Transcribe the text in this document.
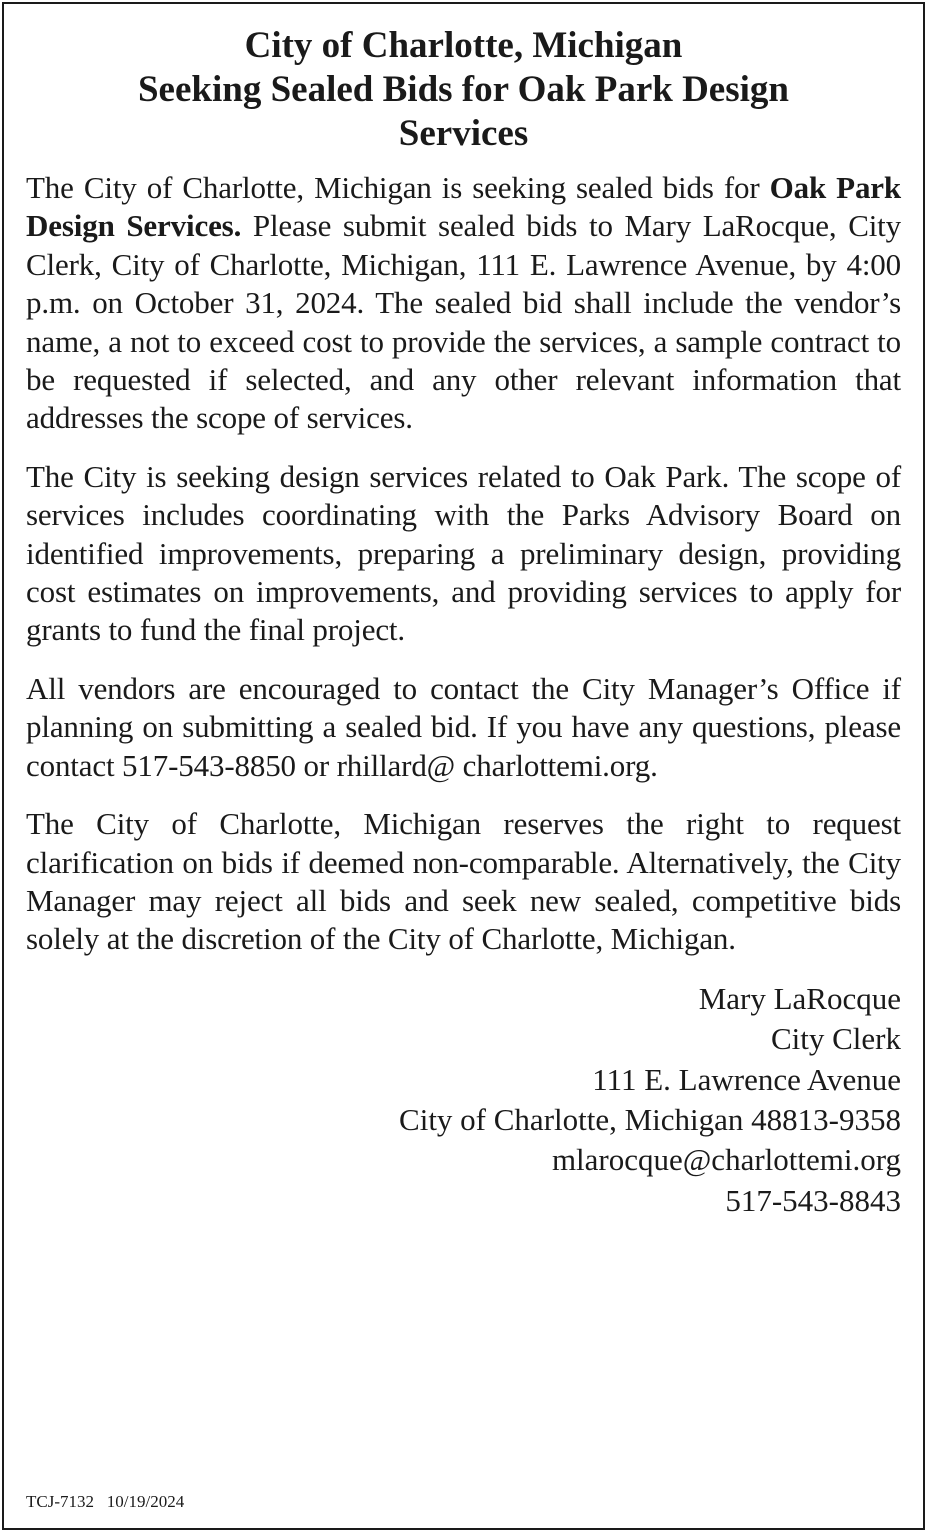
City of Charlotte, Michigan
Seeking Sealed Bids for Oak Park Design
Services

The City of Charlotte, Michigan is seeking sealed bids for Oak Park Design Services. Please submit sealed bids to Mary LaRocque, City Clerk, City of Charlotte, Michigan, 111 E. Lawrence Avenue, by 4:00 p.m. on October 31, 2024. The sealed bid shall include the vendor’s name, a not to exceed cost to provide the services, a sample contract to be requested if selected, and any other relevant information that addresses the scope of services.

The City is seeking design services related to Oak Park. The scope of services includes coordinating with the Parks Advisory Board on identified improvements, preparing a preliminary design, providing cost estimates on improvements, and providing services to apply for grants to fund the final project.

All vendors are encouraged to contact the City Manager’s Office if planning on submitting a sealed bid. If you have any questions, please contact 517-543-8850 or rhillard@ charlottemi.org.

The City of Charlotte, Michigan reserves the right to request clarification on bids if deemed non-comparable. Alternatively, the City Manager may reject all bids and seek new sealed, competitive bids solely at the discretion of the City of Charlotte, Michigan.

Mary LaRocque
City Clerk
111 E. Lawrence Avenue
City of Charlotte, Michigan 48813-9358
mlarocque@charlottemi.org
517-543-8843
TCJ-7132 10/19/2024
